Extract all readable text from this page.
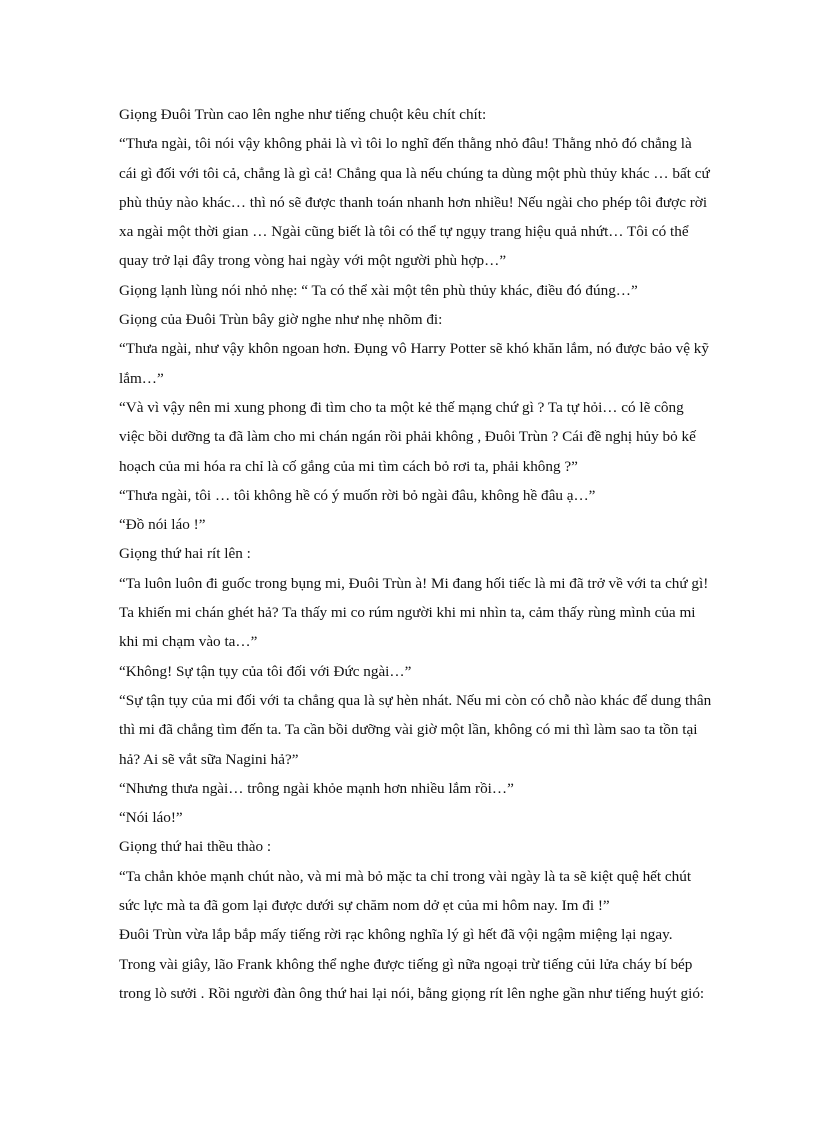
Giọng Đuôi Trùn cao lên nghe như tiếng chuột kêu chít chít:

“Thưa ngài, tôi nói vậy không phải là vì tôi lo nghĩ đến thằng nhỏ đâu! Thằng nhỏ đó chẳng là

cái gì đối với tôi cả, chẳng là gì cả! Chẳng qua là nếu chúng ta dùng một phù thủy khác … bất cứ

phù thủy nào khác… thì nó sẽ được thanh toán nhanh hơn nhiều! Nếu ngài cho phép tôi được rời

xa ngài một thời gian … Ngài cũng biết là tôi có thể tự ngụy trang hiệu quả nhứt… Tôi có thể

quay trở lại đây trong vòng hai ngày với một người phù hợp…”

Giọng lạnh lùng nói nhỏ nhẹ: “ Ta có thể xài một tên phù thủy khác, điều đó đúng…”

Giọng của Đuôi Trùn bây giờ nghe như nhẹ nhõm đi:

“Thưa ngài, như vậy khôn ngoan hơn. Đụng vô Harry Potter sẽ khó khăn lắm, nó được bảo vệ kỹ

lắm…”

“Và vì vậy nên mi xung phong đi tìm cho ta một kẻ thế mạng chứ gì ? Ta tự hỏi… có lẽ công

việc bồi dưỡng ta đã làm cho mi chán ngán rồi phải không , Đuôi Trùn ? Cái đề nghị hủy bỏ kế

hoạch của mi hóa ra chỉ là cố gắng của mi tìm cách bỏ rơi ta, phải không ?”

“Thưa ngài, tôi … tôi không hề có ý muốn rời bỏ ngài đâu, không hề đâu ạ…”

“Đồ nói láo !”

Giọng thứ hai rít lên :

“Ta luôn luôn đi guốc trong bụng mi, Đuôi Trùn à! Mi đang hối tiếc là mi đã trở về với ta chứ gì!

Ta khiến mi chán ghét hả? Ta thấy mi co rúm người khi mi nhìn ta, cảm thấy rùng mình của mi

khi mi chạm vào ta…”

“Không! Sự tận tụy của tôi đối với Đức ngài…”

“Sự tận tụy của mi đối với ta chẳng qua là sự hèn nhát. Nếu mi còn có chỗ nào khác để dung thân

thì mi đã chẳng tìm đến ta. Ta cần bồi dưỡng vài giờ một lần, không có mi thì làm sao ta tồn tại

hả? Ai sẽ vắt sữa Nagini hả?”

“Nhưng thưa ngài… trông ngài khỏe mạnh hơn nhiều lắm rồi…”

“Nói láo!”

Giọng thứ hai thều thào :

“Ta chẳn khỏe mạnh chút nào, và mi mà bỏ mặc ta chỉ trong vài ngày là ta sẽ kiệt quệ hết chút

sức lực mà ta đã gom lại được dưới sự chăm nom dở ẹt của mi hôm nay. Im đi !”

Đuôi Trùn vừa lắp bắp mấy tiếng rời rạc không nghĩa lý gì hết đã vội ngậm miệng lại ngay.

Trong vài giây, lão Frank không thể nghe được tiếng gì nữa ngoại trừ tiếng củi lửa cháy bí bép

trong lò sưởi . Rồi người đàn ông thứ hai lại nói, bằng giọng rít lên nghe gần như tiếng huýt gió:
